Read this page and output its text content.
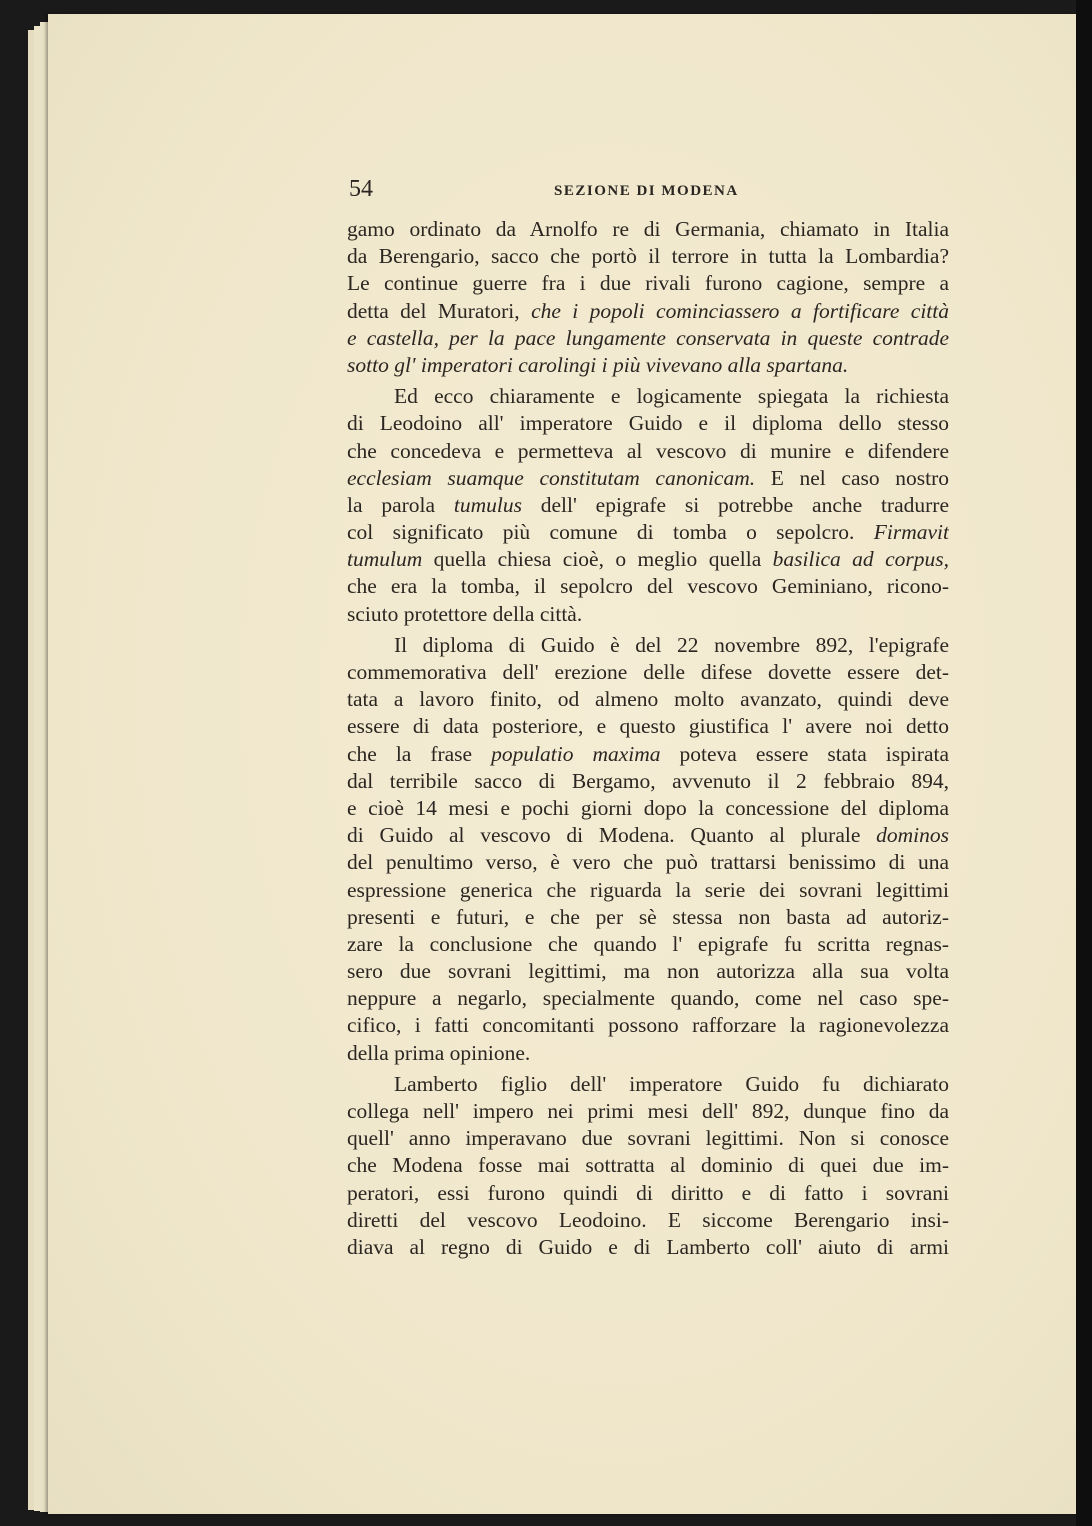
54	SEZIONE DI MODENA
gamo ordinato da Arnolfo re di Germania, chiamato in Italia
da Berengario, sacco che portò il terrore in tutta la Lombardia?
Le continue guerre fra i due rivali furono cagione, sempre a
detta del Muratori, che i popoli cominciassero a fortificare città
e castella, per la pace lungamente conservata in queste contrade
sotto gl' imperatori carolingi i più vivevano alla spartana.
Ed ecco chiaramente e logicamente spiegata la richiesta
di Leodoino all' imperatore Guido e il diploma dello stesso
che concedeva e permetteva al vescovo di munire e difendere
ecclesiam suamque constitutam canonicam. E nel caso nostro
la parola tumulus dell' epigrafe si potrebbe anche tradurre
col significato più comune di tomba o sepolcro. Firmavit
tumulum quella chiesa cioè, o meglio quella basilica ad corpus,
che era la tomba, il sepolcro del vescovo Geminiano, ricono-
sciuto protettore della città.
Il diploma di Guido è del 22 novembre 892, l'epigrafe
commemorativa dell' erezione delle difese dovette essere det-
tata a lavoro finito, od almeno molto avanzato, quindi deve
essere di data posteriore, e questo giustifica l' avere noi detto
che la frase populatio maxima poteva essere stata ispirata
dal terribile sacco di Bergamo, avvenuto il 2 febbraio 894,
e cioè 14 mesi e pochi giorni dopo la concessione del diploma
di Guido al vescovo di Modena. Quanto al plurale dominos
del penultimo verso, è vero che può trattarsi benissimo di una
espressione generica che riguarda la serie dei sovrani legittimi
presenti e futuri, e che per sè stessa non basta ad autoriz-
zare la conclusione che quando l' epigrafe fu scritta regnas-
sero due sovrani legittimi, ma non autorizza alla sua volta
neppure a negarlo, specialmente quando, come nel caso spe-
cifico, i fatti concomitanti possono rafforzare la ragionevolezza
della prima opinione.
Lamberto figlio dell' imperatore Guido fu dichiarato
collega nell' impero nei primi mesi dell' 892, dunque fino da
quell' anno imperavano due sovrani legittimi. Non si conosce
che Modena fosse mai sottratta al dominio di quei due im-
peratori, essi furono quindi di diritto e di fatto i sovrani
diretti del vescovo Leodoino. E siccome Berengario insi-
diava al regno di Guido e di Lamberto coll' aiuto di armi
